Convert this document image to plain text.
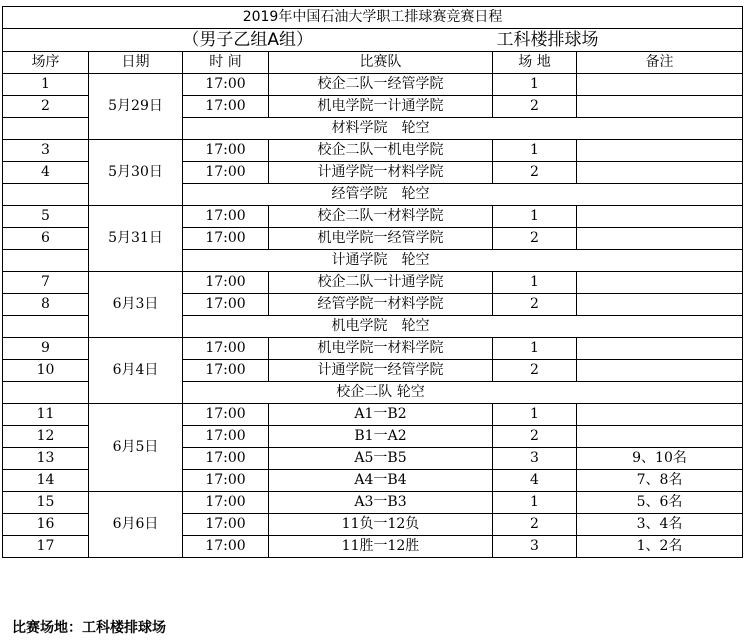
2019年中国石油大学职工排球赛竞赛日程					
（男子乙组A组）				工科楼排球场	
场序	日期	时 间	比赛队	场 地	备注
1	5月29日	17:00	校企二队一经管学院	1	
2		17:00	机电学院一计通学院	2	
			材料学院　轮空		
3	5月30日	17:00	校企二队一机电学院	1	
4		17:00	计通学院一材料学院	2	
			经管学院　轮空		
5	5月31日	17:00	校企二队一材料学院	1	
6		17:00	机电学院一经管学院	2	
			计通学院　轮空		
7	6月3日	17:00	校企二队一计通学院	1	
8		17:00	经管学院一材料学院	2	
			机电学院　轮空		
9	6月4日	17:00	机电学院一材料学院	1	
10		17:00	计通学院一经管学院	2	
			校企二队 轮空		
11	6月5日	17:00	A1一B2	1	
12		17:00	B1一A2	2	
13		17:00	A5一B5	3	9、10名
14		17:00	A4一B4	4	7、8名
15	6月6日	17:00	A3一B3	1	5、6名
16		17:00	11负一12负	2	3、4名
17		17:00	11胜一12胜	3	1、2名
比赛场地：工科楼排球场
